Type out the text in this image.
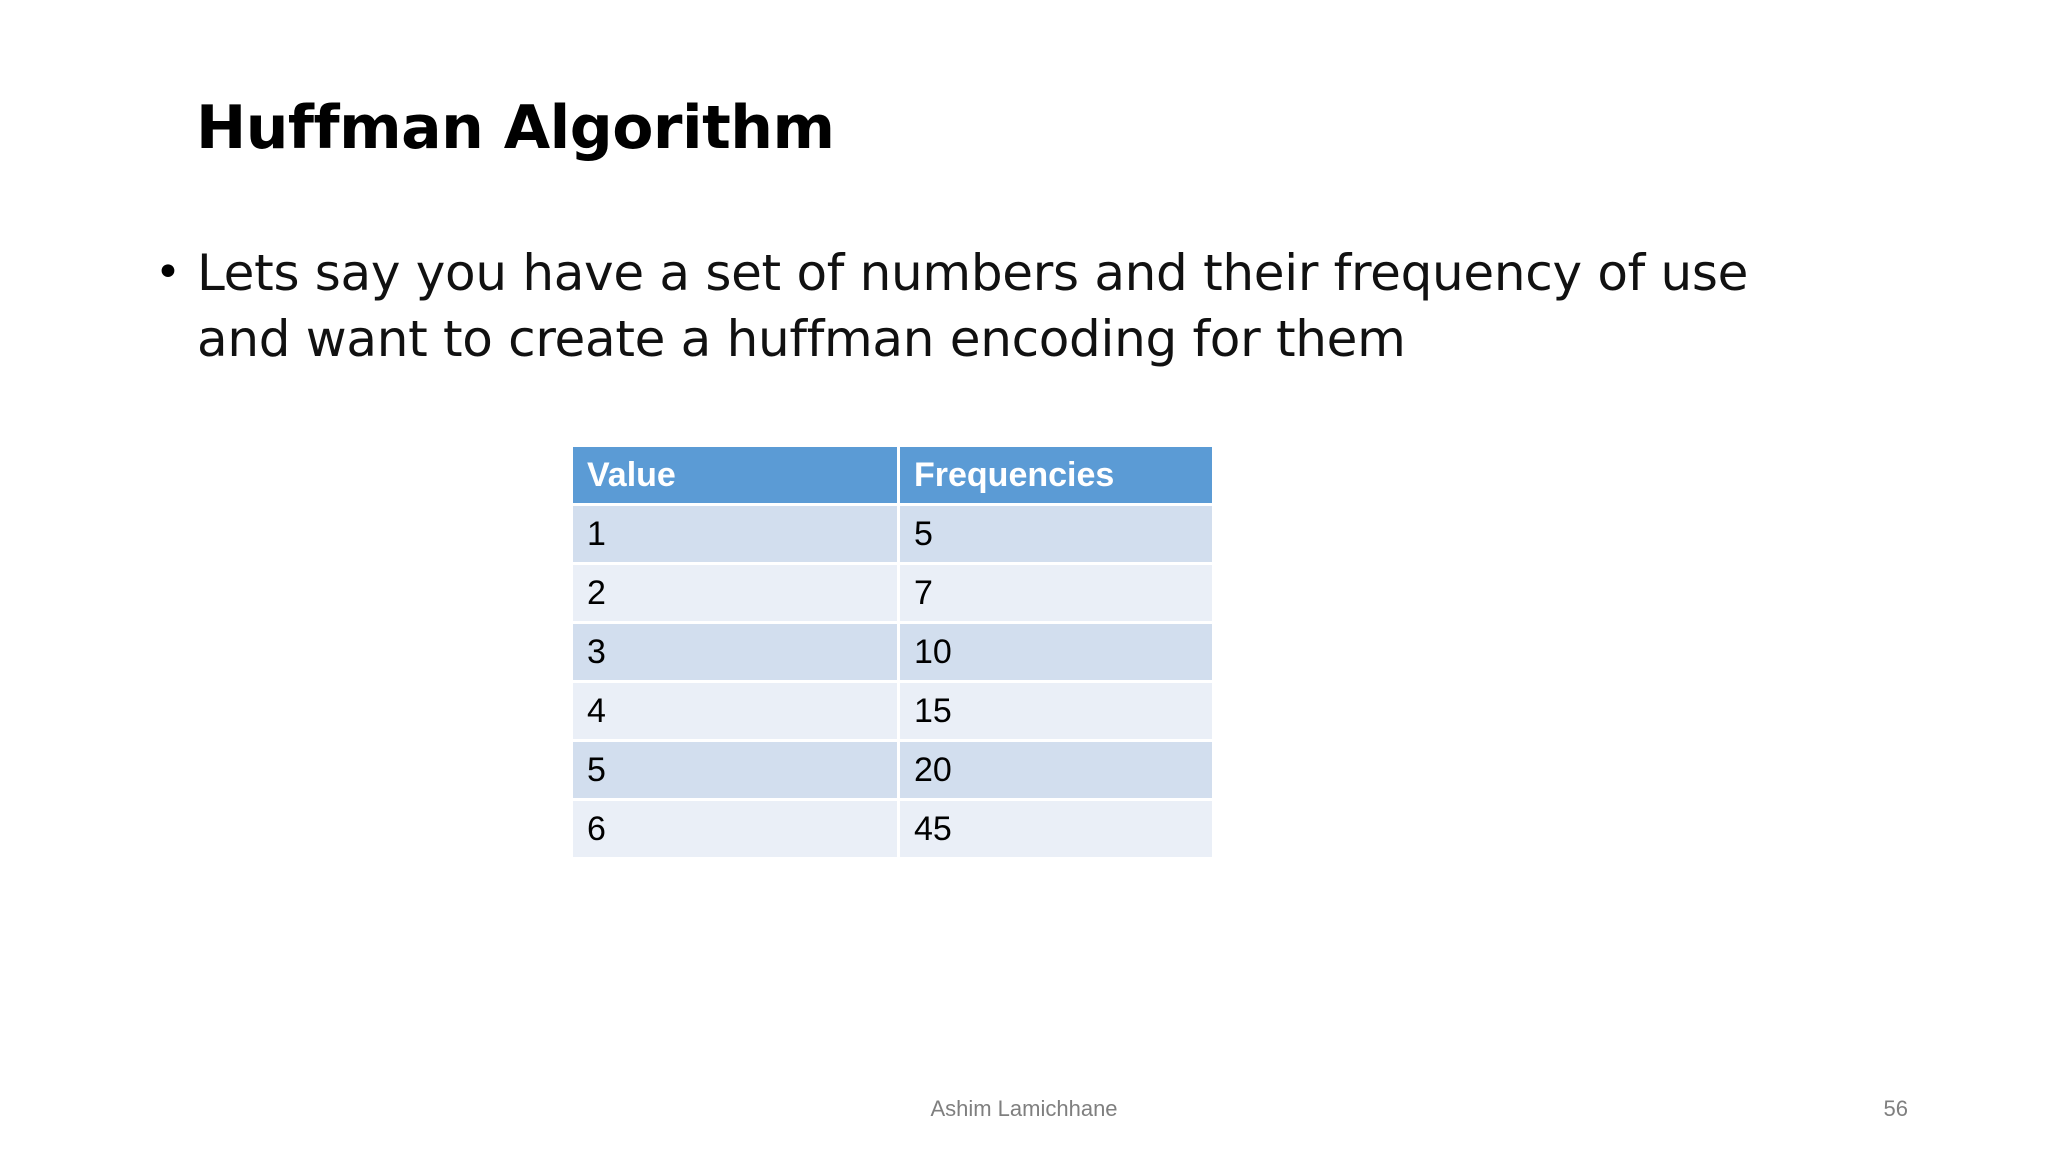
Huffman Algorithm
• Lets say you have a set of numbers and their frequency of use and want to create a huffman encoding for them
Value	Frequencies
1	5
2	7
3	10
4	15
5	20
6	45
Ashim Lamichhane	56
